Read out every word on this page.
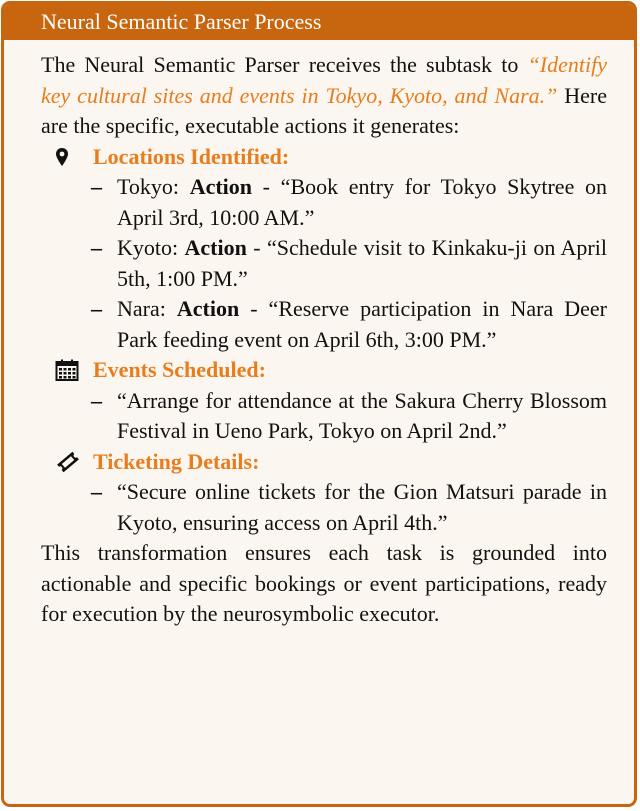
Neural Semantic Parser Process

The Neural Semantic Parser receives the subtask to “Identify key cultural sites and events in Tokyo, Kyoto, and Nara.” Here are the specific, executable actions it generates:

Locations Identified:
– Tokyo: Action - “Book entry for Tokyo Skytree on April 3rd, 10:00 AM.”
– Kyoto: Action - “Schedule visit to Kinkaku-ji on April 5th, 1:00 PM.”
– Nara: Action - “Reserve participation in Nara Deer Park feeding event on April 6th, 3:00 PM.”
Events Scheduled:
– “Arrange for attendance at the Sakura Cherry Blossom Festival in Ueno Park, Tokyo on April 2nd.”
Ticketing Details:
– “Secure online tickets for the Gion Matsuri parade in Kyoto, ensuring access on April 4th.”

This transformation ensures each task is grounded into actionable and specific bookings or event participations, ready for execution by the neurosymbolic executor.
